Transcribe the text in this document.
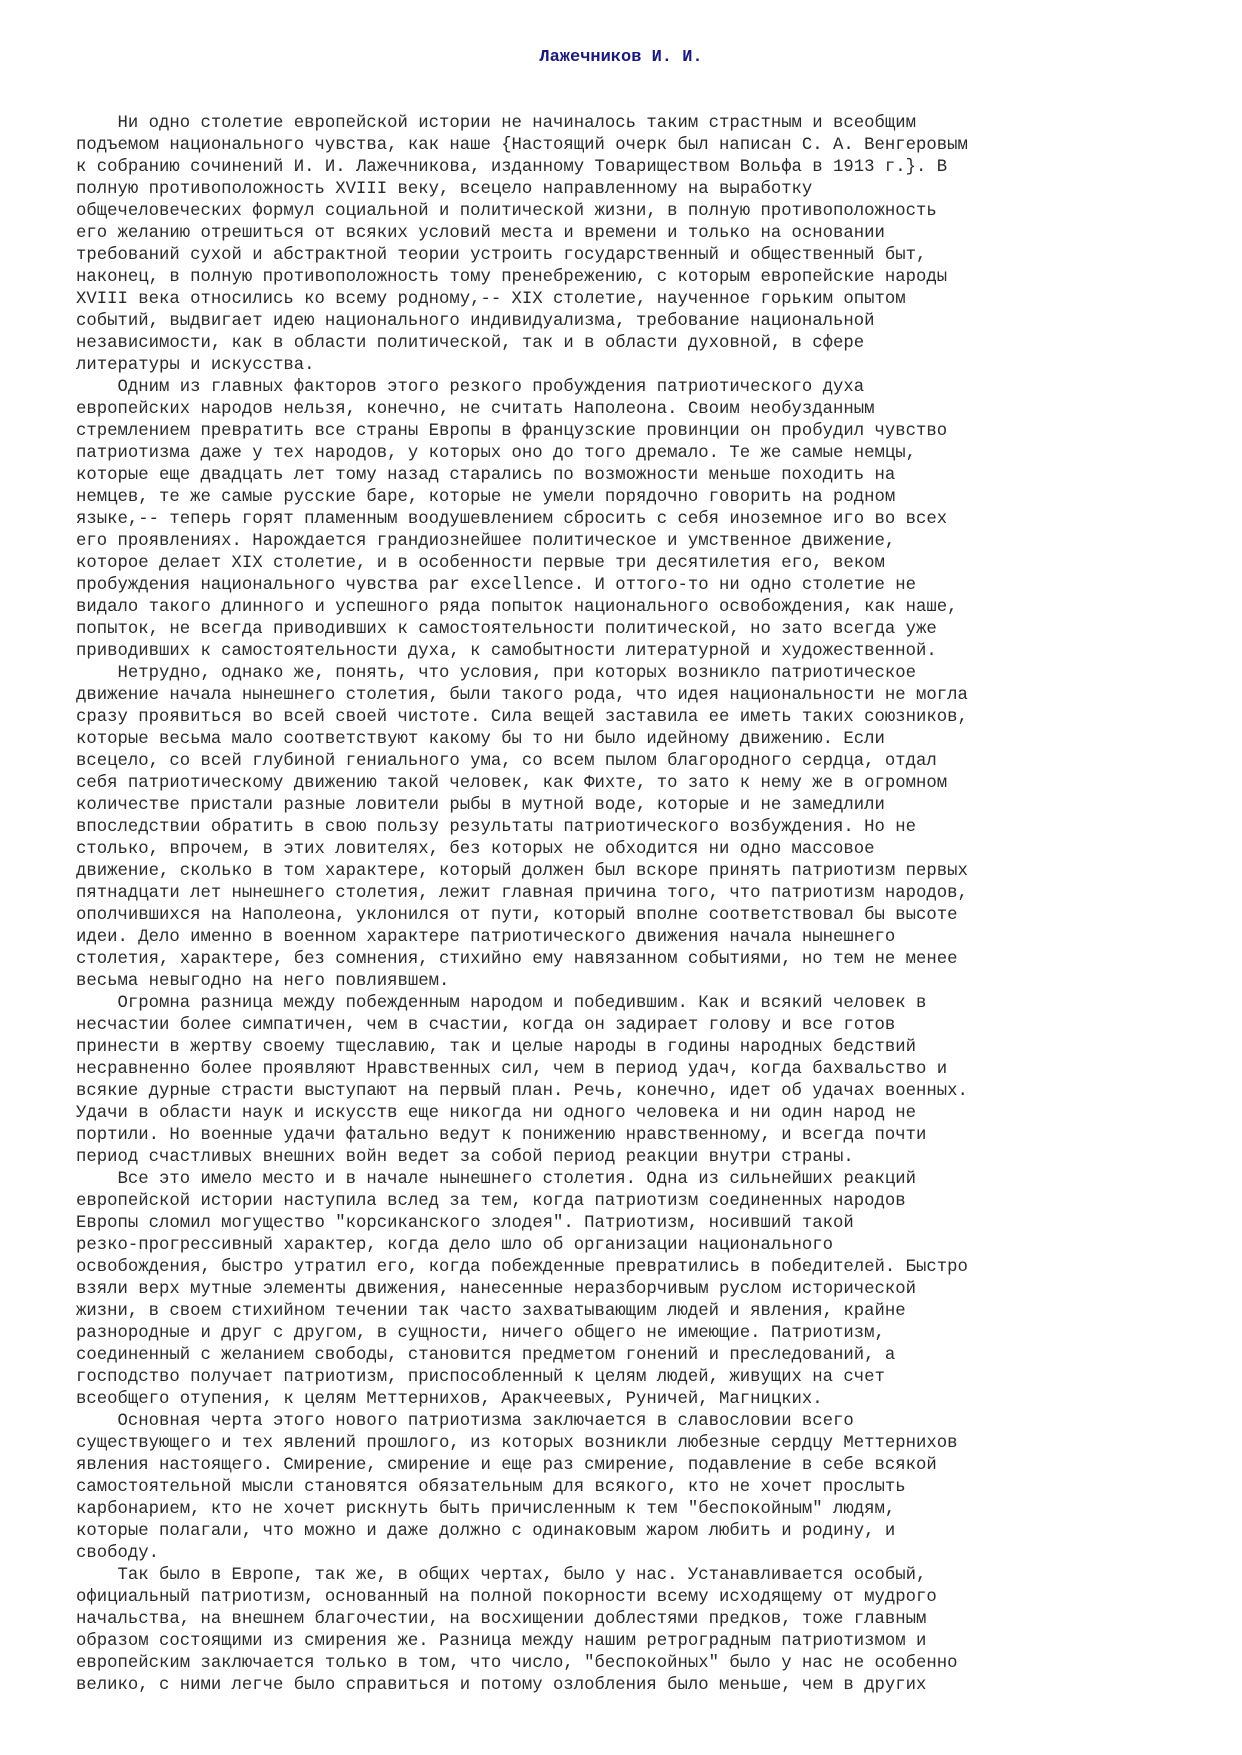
Лажечников И. И.
Ни одно столетие европейской истории не начиналось таким страстным и всеобщим
подъемом национального чувства, как наше {Настоящий очерк был написан С. А. Венгеровым
к собранию сочинений И. И. Лажечникова, изданному Товариществом Вольфа в 1913 г.}. В
полную противоположность XVIII веку, всецело направленному на выработку
общечеловеческих формул социальной и политической жизни, в полную противоположность
его желанию отрешиться от всяких условий места и времени и только на основании
требований сухой и абстрактной теории устроить государственный и общественный быт,
наконец, в полную противоположность тому пренебрежению, с которым европейские народы
XVIII века относились ко всему родному,-- XIX столетие, наученное горьким опытом
событий, выдвигает идею национального индивидуализма, требование национальной
независимости, как в области политической, так и в области духовной, в сфере
литературы и искусства.
Одним из главных факторов этого резкого пробуждения патриотического духа
европейских народов нельзя, конечно, не считать Наполеона. Своим необузданным
стремлением превратить все страны Европы в французские провинции он пробудил чувство
патриотизма даже у тех народов, у которых оно до того дремало. Те же самые немцы,
которые еще двадцать лет тому назад старались по возможности меньше походить на
немцев, те же самые русские баре, которые не умели порядочно говорить на родном
языке,-- теперь горят пламенным воодушевлением сбросить с себя иноземное иго во всех
его проявлениях. Нарождается грандиознейшее политическое и умственное движение,
которое делает XIX столетие, и в особенности первые три десятилетия его, веком
пробуждения национального чувства par excellence. И оттого-то ни одно столетие не
видало такого длинного и успешного ряда попыток национального освобождения, как наше,
попыток, не всегда приводивших к самостоятельности политической, но зато всегда уже
приводивших к самостоятельности духа, к самобытности литературной и художественной.
Нетрудно, однако же, понять, что условия, при которых возникло патриотическое
движение начала нынешнего столетия, были такого рода, что идея национальности не могла
сразу проявиться во всей своей чистоте. Сила вещей заставила ее иметь таких союзников,
которые весьма мало соответствуют какому бы то ни было идейному движению. Если
всецело, со всей глубиной гениального ума, со всем пылом благородного сердца, отдал
себя патриотическому движению такой человек, как Фихте, то зато к нему же в огромном
количестве пристали разные ловители рыбы в мутной воде, которые и не замедлили
впоследствии обратить в свою пользу результаты патриотического возбуждения. Но не
столько, впрочем, в этих ловителях, без которых не обходится ни одно массовое
движение, сколько в том характере, который должен был вскоре принять патриотизм первых
пятнадцати лет нынешнего столетия, лежит главная причина того, что патриотизм народов,
ополчившихся на Наполеона, уклонился от пути, который вполне соответствовал бы высоте
идеи. Дело именно в военном характере патриотического движения начала нынешнего
столетия, характере, без сомнения, стихийно ему навязанном событиями, но тем не менее
весьма невыгодно на него повлиявшем.
Огромна разница между побежденным народом и победившим. Как и всякий человек в
несчастии более симпатичен, чем в счастии, когда он задирает голову и все готов
принести в жертву своему тщеславию, так и целые народы в годины народных бедствий
несравненно более проявляют Нравственных сил, чем в период удач, когда бахвальство и
всякие дурные страсти выступают на первый план. Речь, конечно, идет об удачах военных.
Удачи в области наук и искусств еще никогда ни одного человека и ни один народ не
портили. Но военные удачи фатально ведут к понижению нравственному, и всегда почти
период счастливых внешних войн ведет за собой период реакции внутри страны.
Все это имело место и в начале нынешнего столетия. Одна из сильнейших реакций
европейской истории наступила вслед за тем, когда патриотизм соединенных народов
Европы сломил могущество "корсиканского злодея". Патриотизм, носивший такой
резко-прогрессивный характер, когда дело шло об организации национального
освобождения, быстро утратил его, когда побежденные превратились в победителей. Быстро
взяли верх мутные элементы движения, нанесенные неразборчивым руслом исторической
жизни, в своем стихийном течении так часто захватывающим людей и явления, крайне
разнородные и друг с другом, в сущности, ничего общего не имеющие. Патриотизм,
соединенный с желанием свободы, становится предметом гонений и преследований, а
господство получает патриотизм, приспособленный к целям людей, живущих на счет
всеобщего отупения, к целям Меттернихов, Аракчеевых, Руничей, Магницких.
Основная черта этого нового патриотизма заключается в славословии всего
существующего и тех явлений прошлого, из которых возникли любезные сердцу Меттернихов
явления настоящего. Смирение, смирение и еще раз смирение, подавление в себе всякой
самостоятельной мысли становятся обязательным для всякого, кто не хочет прослыть
карбонарием, кто не хочет рискнуть быть причисленным к тем "беспокойным" людям,
которые полагали, что можно и даже должно с одинаковым жаром любить и родину, и
свободу.
Так было в Европе, так же, в общих чертах, было у нас. Устанавливается особый,
официальный патриотизм, основанный на полной покорности всему исходящему от мудрого
начальства, на внешнем благочестии, на восхищении доблестями предков, тоже главным
образом состоящими из смирения же. Разница между нашим ретроградным патриотизмом и
европейским заключается только в том, что число, "беспокойных" было у нас не особенно
велико, с ними легче было справиться и потому озлобления было меньше, чем в других
